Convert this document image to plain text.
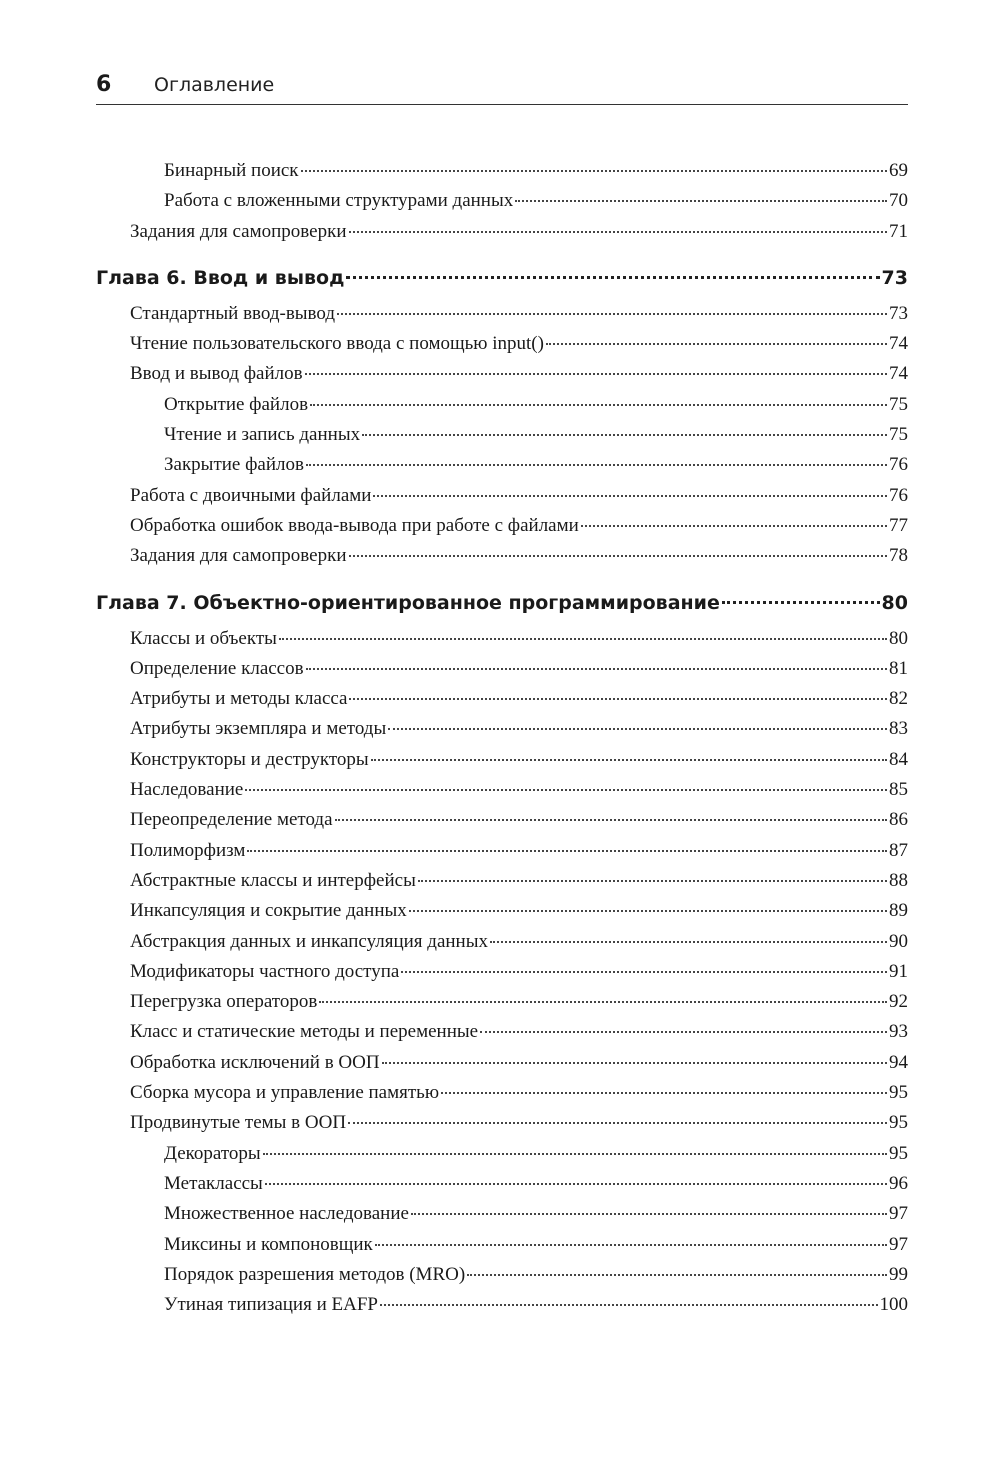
6 Оглавление
Бинарный поиск	69
Работа с вложенными структурами данных	70
Задания для самопроверки	71
Глава 6. Ввод и вывод	73
Стандартный ввод-вывод	73
Чтение пользовательского ввода с помощью input()	74
Ввод и вывод файлов	74
Открытие файлов	75
Чтение и запись данных	75
Закрытие файлов	76
Работа с двоичными файлами	76
Обработка ошибок ввода-вывода при работе с файлами	77
Задания для самопроверки	78
Глава 7. Объектно-ориентированное программирование	80
Классы и объекты	80
Определение классов	81
Атрибуты и методы класса	82
Атрибуты экземпляра и методы	83
Конструкторы и деструкторы	84
Наследование	85
Переопределение метода	86
Полиморфизм	87
Абстрактные классы и интерфейсы	88
Инкапсуляция и сокрытие данных	89
Абстракция данных и инкапсуляция данных	90
Модификаторы частного доступа	91
Перегрузка операторов	92
Класс и статические методы и переменные	93
Обработка исключений в ООП	94
Сборка мусора и управление памятью	95
Продвинутые темы в ООП	95
Декораторы	95
Метаклассы	96
Множественное наследование	97
Миксины и компоновщик	97
Порядок разрешения методов (MRO)	99
Утиная типизация и EAFP	100
